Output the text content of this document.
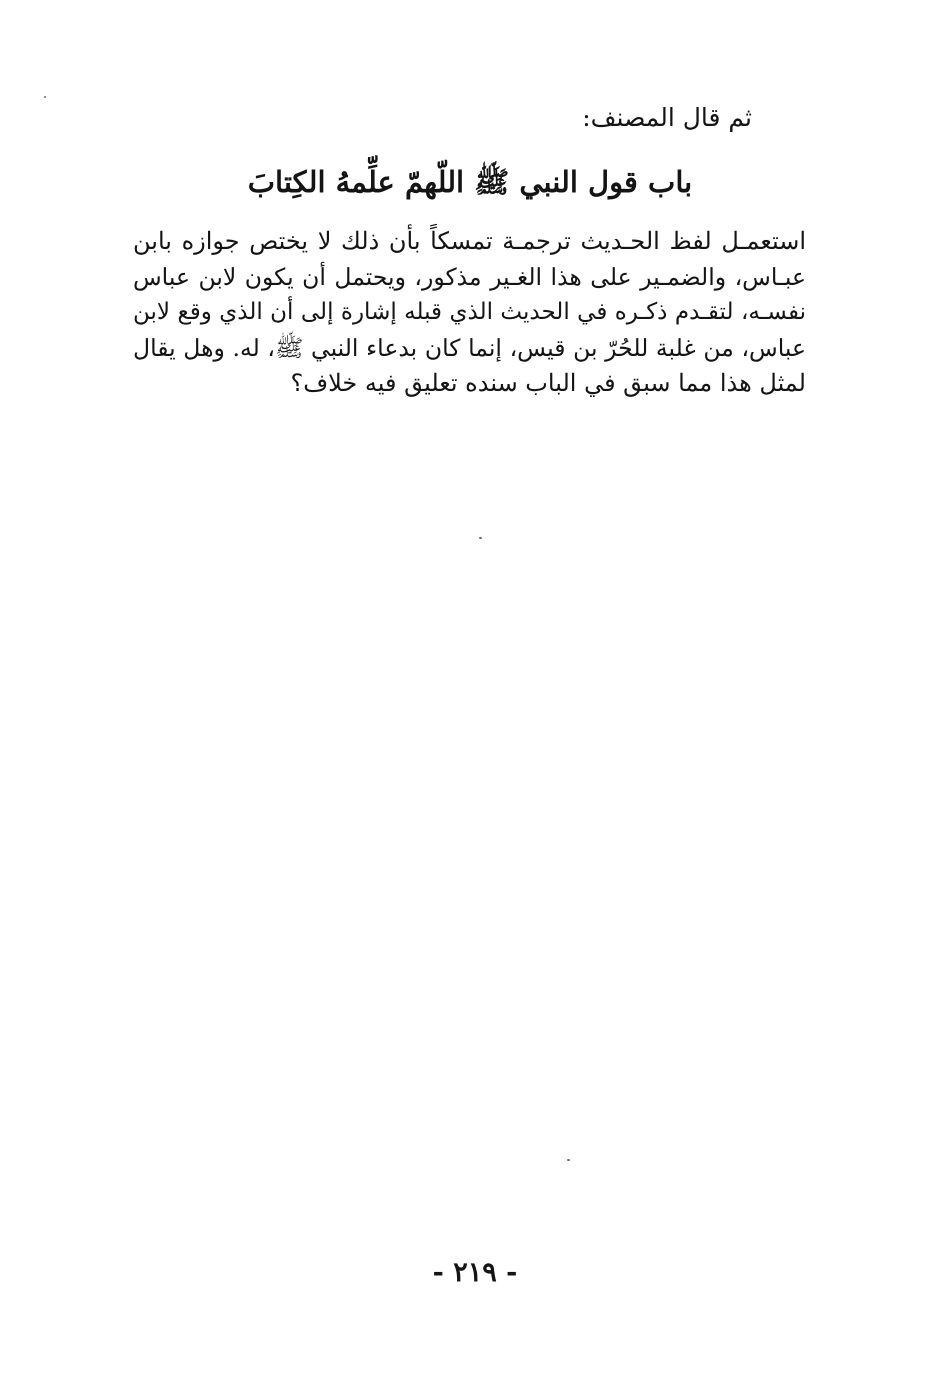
ثم قال المصنف:
باب قول النبي ﷺ اللّهمّ علِّمهُ الكِتابَ
استعمـل لفظ الحـديث ترجمـة تمسكاً بأن ذلك لا يختص جوازه بابن
عبـاس، والضمـير على هذا الغـير مذكور، ويحتمل أن يكون لابن عباس
نفسـه، لتقـدم ذكـره في الحديث الذي قبله إشارة إلى أن الذي وقع لابن
عباس، من غلبة للحُرّ بن قيس، إنما كان بدعاء النبي ﷺ، له. وهل يقال
لمثل هذا مما سبق في الباب سنده تعليق فيه خلاف؟
- ٢١٩ -
